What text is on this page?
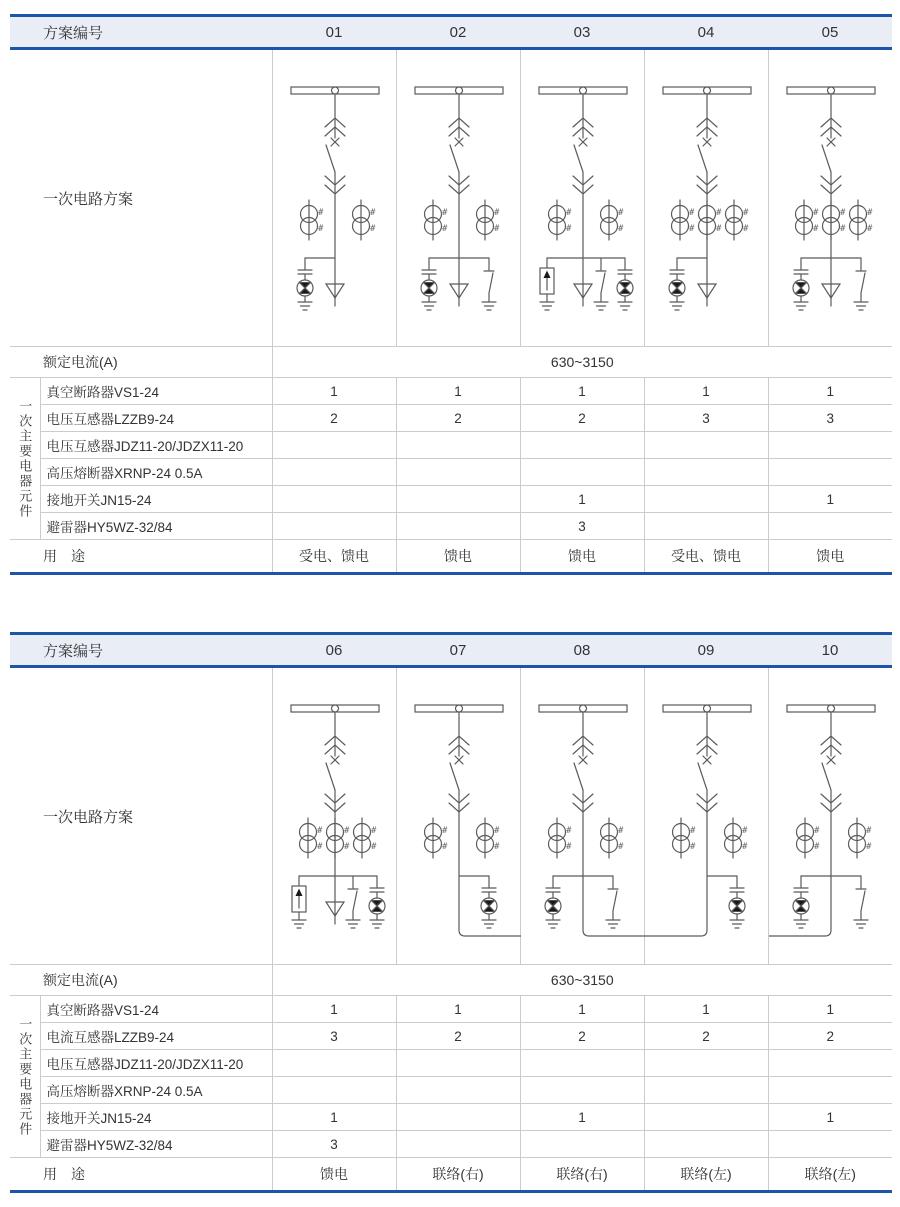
方案编号		01	02	03	04	05
一次电路方案	
#
#
#
#

#
#
#
#

#
#
#
#

#
#
#
#
#
#

#
#
#
#
#
#

额定电流(A)		630~3150				

一次主要电器元件	真空断路器VS1-24	1	1	1	1	1
	电压互感器LZZB9-24	2	2	2	3	3
	电压互感器JDZ11-20/JDZX11-20					
	高压熔断器XRNP-24 0.5A					
	接地开关JN15-24			1		1
	避雷器HY5WZ-32/84			3		
用　途		受电、馈电	馈电	馈电	受电、馈电	馈电
方案编号		06	07	08	09	10
一次电路方案	
#
#
#
#
#
#

#
#
#
#

#
#
#
#

#
#
#
#

#
#
#
#

额定电流(A)		630~3150				

一次主要电器元件	真空断路器VS1-24	1	1	1	1	1
	电流互感器LZZB9-24	3	2	2	2	2
	电压互感器JDZ11-20/JDZX11-20					
	高压熔断器XRNP-24 0.5A					
	接地开关JN15-24	1		1		1
	避雷器HY5WZ-32/84	3				
用　途		馈电	联络(右)	联络(右)	联络(左)	联络(左)
